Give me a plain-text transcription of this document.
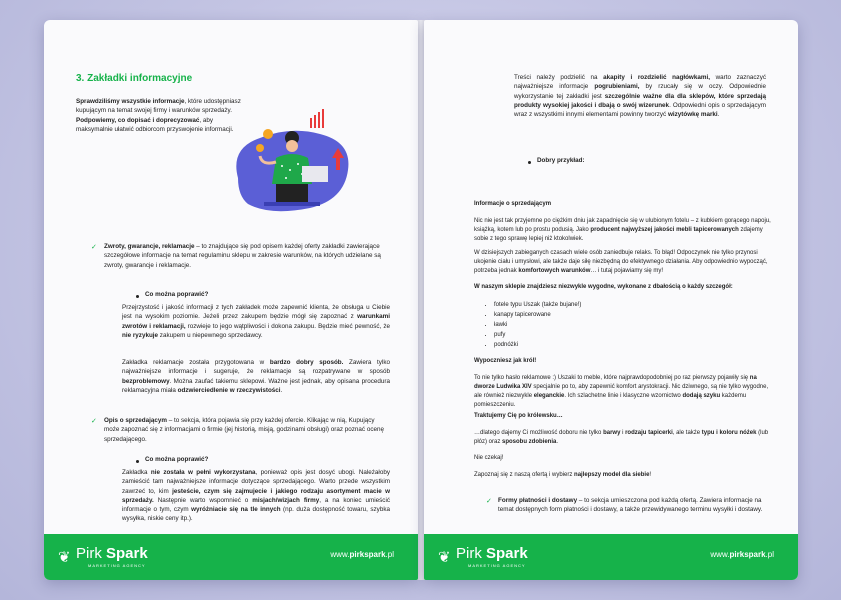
3. Zakładki informacyjne

Sprawdziliśmy wszystkie informacje, które udostępniasz kupującym na temat swojej firmy i warunków sprzedaży. Podpowiemy, co dopisać i doprecyzować, aby maksymalnie ułatwić odbiorcom przyswojenie informacji.

✓ Zwroty, gwarancje, reklamacje – to znajdujące się pod opisem każdej oferty zakładki zawierające szczegółowe informacje na temat regulaminu sklepu w zakresie warunków, na których udzielane są zwroty, gwarancje i reklamacje.

Co można poprawić?

Przejrzystość i jakość informacji z tych zakładek może zapewnić klienta, że obsługa u Ciebie jest na wysokim poziomie. Jeżeli przez zakupem będzie mógł się zapoznać z warunkami zwrotów i reklamacji, rozwieje to jego wątpliwości i dokona zakupu. Będzie mieć pewność, że nie ryzykuje zakupem u niepewnego sprzedawcy.

Zakładka reklamacje została przygotowana w bardzo dobry sposób. Zawiera tylko najważniejsze informacje i sugeruje, że reklamacje są rozpatrywane w sposób bezproblemowy. Można zaufać takiemu sklepowi. Ważne jest jednak, aby opisana procedura reklamacyjna miała odzwierciedlenie w rzeczywistości.

✓ Opis o sprzedającym – to sekcja, która pojawia się przy każdej ofercie. Klikając w nią, Kupujący może zapoznać się z informacjami o firmie (jej historią, misją, godzinami obsługi) oraz poznać ocenę sprzedającego.

Co można poprawić?

Zakładka nie została w pełni wykorzystana, ponieważ opis jest dosyć ubogi. Należałoby zamieścić tam najważniejsze informacje dotyczące sprzedającego. Warto przede wszystkim zawrzeć to, kim jesteście, czym się zajmujecie i jakiego rodzaju asortyment macie w sprzedaży. Następnie warto wspomnieć o misjach/wizjach firmy, a na koniec umieścić informacje o tym, czym wyróżniacie się na tle innych (np. duża dostępność towaru, szybka wysyłka, niskie ceny itp.).

❦ Pirk Spark
MARKETING AGENCY
www.pirkspark.pl

Treści należy podzielić na akapity i rozdzielić nagłówkami, warto zaznaczyć najważniejsze informacje pogrubieniami, by rzucały się w oczy. Odpowiednie wykorzystanie tej zakładki jest szczególnie ważne dla dla sklepów, które sprzedają produkty wysokiej jakości i dbają o swój wizerunek. Odpowiedni opis o sprzedającym wraz z wszystkimi innymi elementami powinny tworzyć wizytówkę marki.

Dobry przykład:
Informacje o sprzedającym

Nic nie jest tak przyjemne po ciężkim dniu jak zapadnięcie się w ulubionym fotelu – z kubkiem gorącego napoju, książką, kotem lub po prostu podusią. Jako producent najwyższej jakości mebli tapicerowanych zdajemy sobie z tego sprawę lepiej niż ktokolwiek.

W dzisiejszych zabieganych czasach wiele osób zaniedbuje relaks. To błąd! Odpoczynek nie tylko przynosi ukojenie ciału i umysłowi, ale także daje siłę niezbędną do efektywnego działania. Aby odpowiednio wypocząć, potrzeba jednak komfortowych warunków… i tutaj pojawiamy się my!

W naszym sklepie znajdziesz niezwykle wygodne, wykonane z dbałością o każdy szczegół:
• fotele typu Uszak (także bujane!)
• kanapy tapicerowane
• ławki
• pufy
• podnóżki
Wypoczniesz jak król!

To nie tylko hasło reklamowe :) Uszaki to meble, które najprawdopodobniej po raz pierwszy pojawiły się na dworze Ludwika XIV specjalnie po to, aby zapewnić komfort arystokracji. Nic dziwnego, są nie tylko wygodne, ale również niezwykle eleganckie. Ich szlachetne linie i klasyczne wzornictwo dodają szyku każdemu pomieszczeniu.

Traktujemy Cię po królewsku…

…dlatego dajemy Ci możliwość doboru nie tylko barwy i rodzaju tapicerki, ale także typu i koloru nóżek (lub płóz) oraz sposobu zdobienia.

Nie czekaj!

Zapoznaj się z naszą ofertą i wybierz najlepszy model dla siebie!

✓ Formy płatności i dostawy – to sekcja umieszczona pod każdą ofertą. Zawiera informacje na temat dostępnych form płatności i dostawy, a także przewidywanego terminu wysyłki i dostawy.

❦ Pirk Spark
MARKETING AGENCY
www.pirkspark.pl
